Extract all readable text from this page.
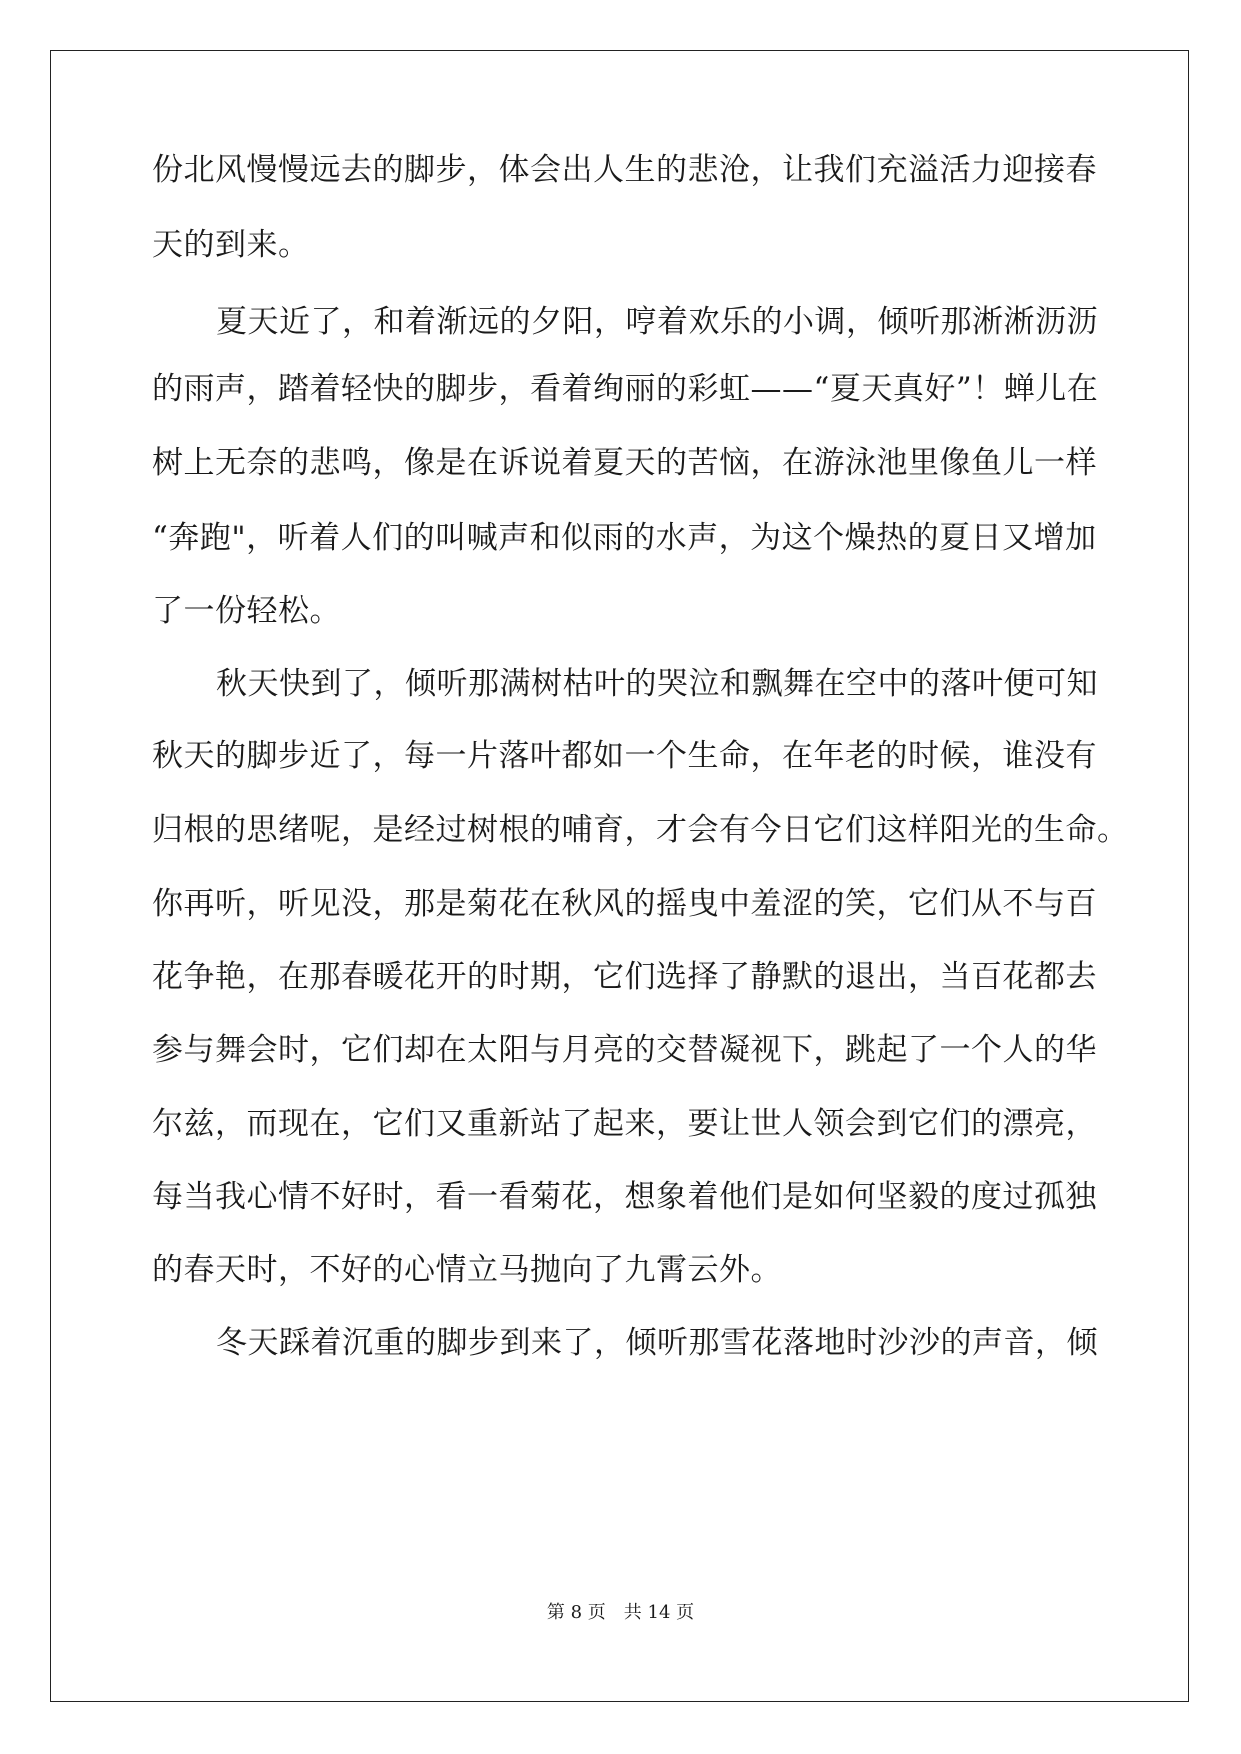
份北风慢慢远去的脚步，体会出人生的悲沧，让我们充溢活力迎接春
天的到来。
夏天近了，和着渐远的夕阳，哼着欢乐的小调，倾听那淅淅沥沥
的雨声，踏着轻快的脚步，看着绚丽的彩虹——“夏天真好”！蝉儿在
树上无奈的悲鸣，像是在诉说着夏天的苦恼，在游泳池里像鱼儿一样
“奔跑"，听着人们的叫喊声和似雨的水声，为这个燥热的夏日又增加
了一份轻松。
秋天快到了，倾听那满树枯叶的哭泣和飘舞在空中的落叶便可知
秋天的脚步近了，每一片落叶都如一个生命，在年老的时候，谁没有
归根的思绪呢，是经过树根的哺育，才会有今日它们这样阳光的生命。
你再听，听见没，那是菊花在秋风的摇曳中羞涩的笑，它们从不与百
花争艳，在那春暖花开的时期，它们选择了静默的退出，当百花都去
参与舞会时，它们却在太阳与月亮的交替凝视下，跳起了一个人的华
尔兹，而现在，它们又重新站了起来，要让世人领会到它们的漂亮，
每当我心情不好时，看一看菊花，想象着他们是如何坚毅的度过孤独
的春天时，不好的心情立马抛向了九霄云外。
冬天踩着沉重的脚步到来了，倾听那雪花落地时沙沙的声音，倾
第 8 页　共 14 页
